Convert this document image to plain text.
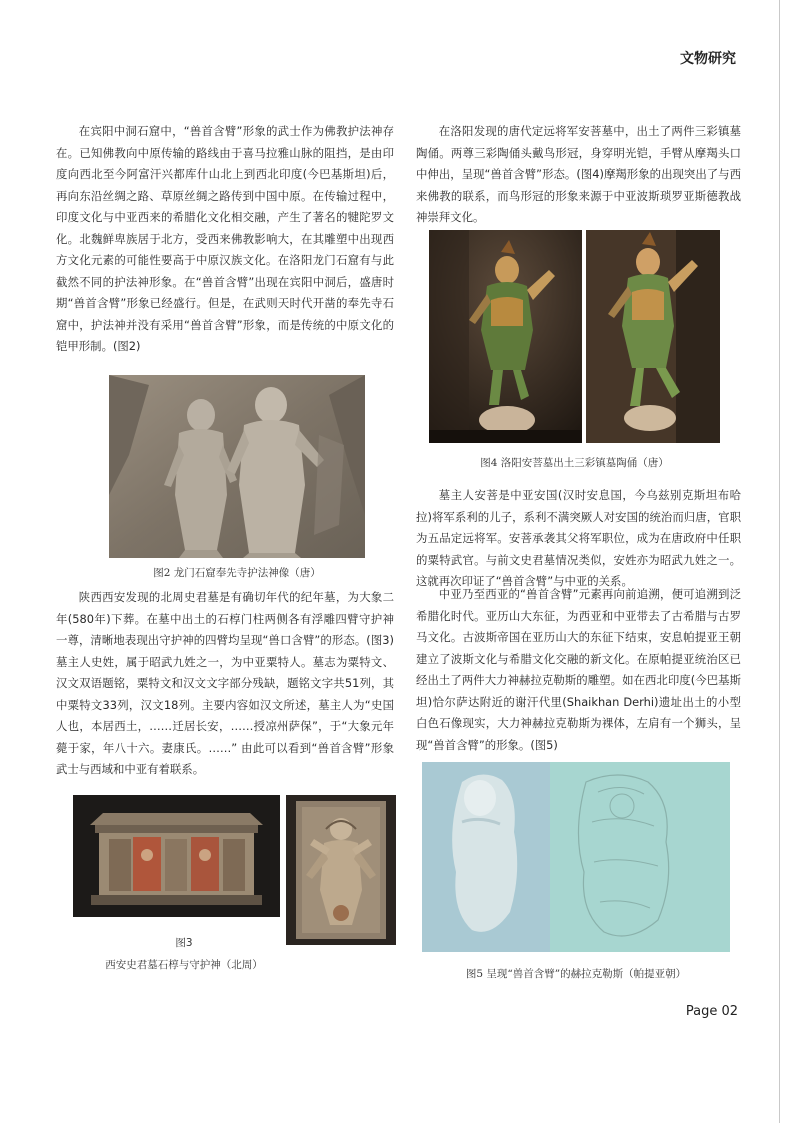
文物研究

在宾阳中洞石窟中，“兽首含臂”形象的武士作为佛教护法神存在。已知佛教向中原传输的路线由于喜马拉雅山脉的阻挡，是由印度向西北至今阿富汗兴都库什山北上到西北印度(今巴基斯坦)后，再向东沿丝绸之路、草原丝绸之路传到中国中原。在传输过程中，印度文化与中亚西来的希腊化文化相交融，产生了著名的犍陀罗文化。北魏鲜卑族居于北方，受西来佛教影响大，在其雕塑中出现西方文化元素的可能性要高于中原汉族文化。在洛阳龙门石窟有与此截然不同的护法神形象。在“兽首含臂”出现在宾阳中洞后，盛唐时期“兽首含臂”形象已经盛行。但是，在武则天时代开凿的奉先寺石窟中，护法神并没有采用“兽首含臂”形象，而是传统的中原文化的铠甲形制。(图2)

图2 龙门石窟奉先寺护法神像（唐）

陕西西安发现的北周史君墓是有确切年代的纪年墓，为大象二年(580年)下葬。在墓中出土的石椁门柱两侧各有浮雕四臂守护神一尊，清晰地表现出守护神的四臂均呈现“兽口含臂”的形态。(图3)墓主人史姓，属于昭武九姓之一，为中亚粟特人。墓志为粟特文、汉文双语题铭，粟特文和汉文文字部分残缺，题铭文字共51列，其中粟特文33列，汉文18列。主要内容如汉文所述，墓主人为“史国人也，本居西土，……迁居长安，……授凉州萨保”，于“大象元年薨于家，年八十六。妻康氏。……” 由此可以看到“兽首含臂”形象武士与西域和中亚有着联系。

图3
西安史君墓石椁与守护神（北周）

在洛阳发现的唐代定远将军安菩墓中，出土了两件三彩镇墓陶俑。两尊三彩陶俑头戴鸟形冠，身穿明光铠，手臂从摩羯头口中伸出，呈现“兽首含臂”形态。(图4)摩羯形象的出现突出了与西来佛教的联系，而鸟形冠的形象来源于中亚波斯琐罗亚斯德教战神崇拜文化。

图4 洛阳安菩墓出土三彩镇墓陶俑（唐）

墓主人安菩是中亚安国(汉时安息国，今乌兹别克斯坦布哈拉)将军系利的儿子，系利不满突厥人对安国的统治而归唐，官职为五品定远将军。安菩承袭其父将军职位，成为在唐政府中任职的粟特武官。与前文史君墓情况类似，安姓亦为昭武九姓之一。这就再次印证了“兽首含臂”与中亚的关系。

中亚乃至西亚的“兽首含臂”元素再向前追溯，便可追溯到泛希腊化时代。亚历山大东征，为西亚和中亚带去了古希腊与古罗马文化。古波斯帝国在亚历山大的东征下结束，安息帕提亚王朝建立了波斯文化与希腊文化交融的新文化。在原帕提亚统治区已经出土了两件大力神赫拉克勒斯的雕塑。如在西北印度(今巴基斯坦)恰尔萨达附近的谢汗代里(Shaikhan Derhi)遗址出土的小型白色石像现实，大力神赫拉克勒斯为裸体，左肩有一个狮头，呈现“兽首含臂”的形象。(图5)

图5 呈现“兽首含臂”的赫拉克勒斯（帕提亚朝）
Page 02
